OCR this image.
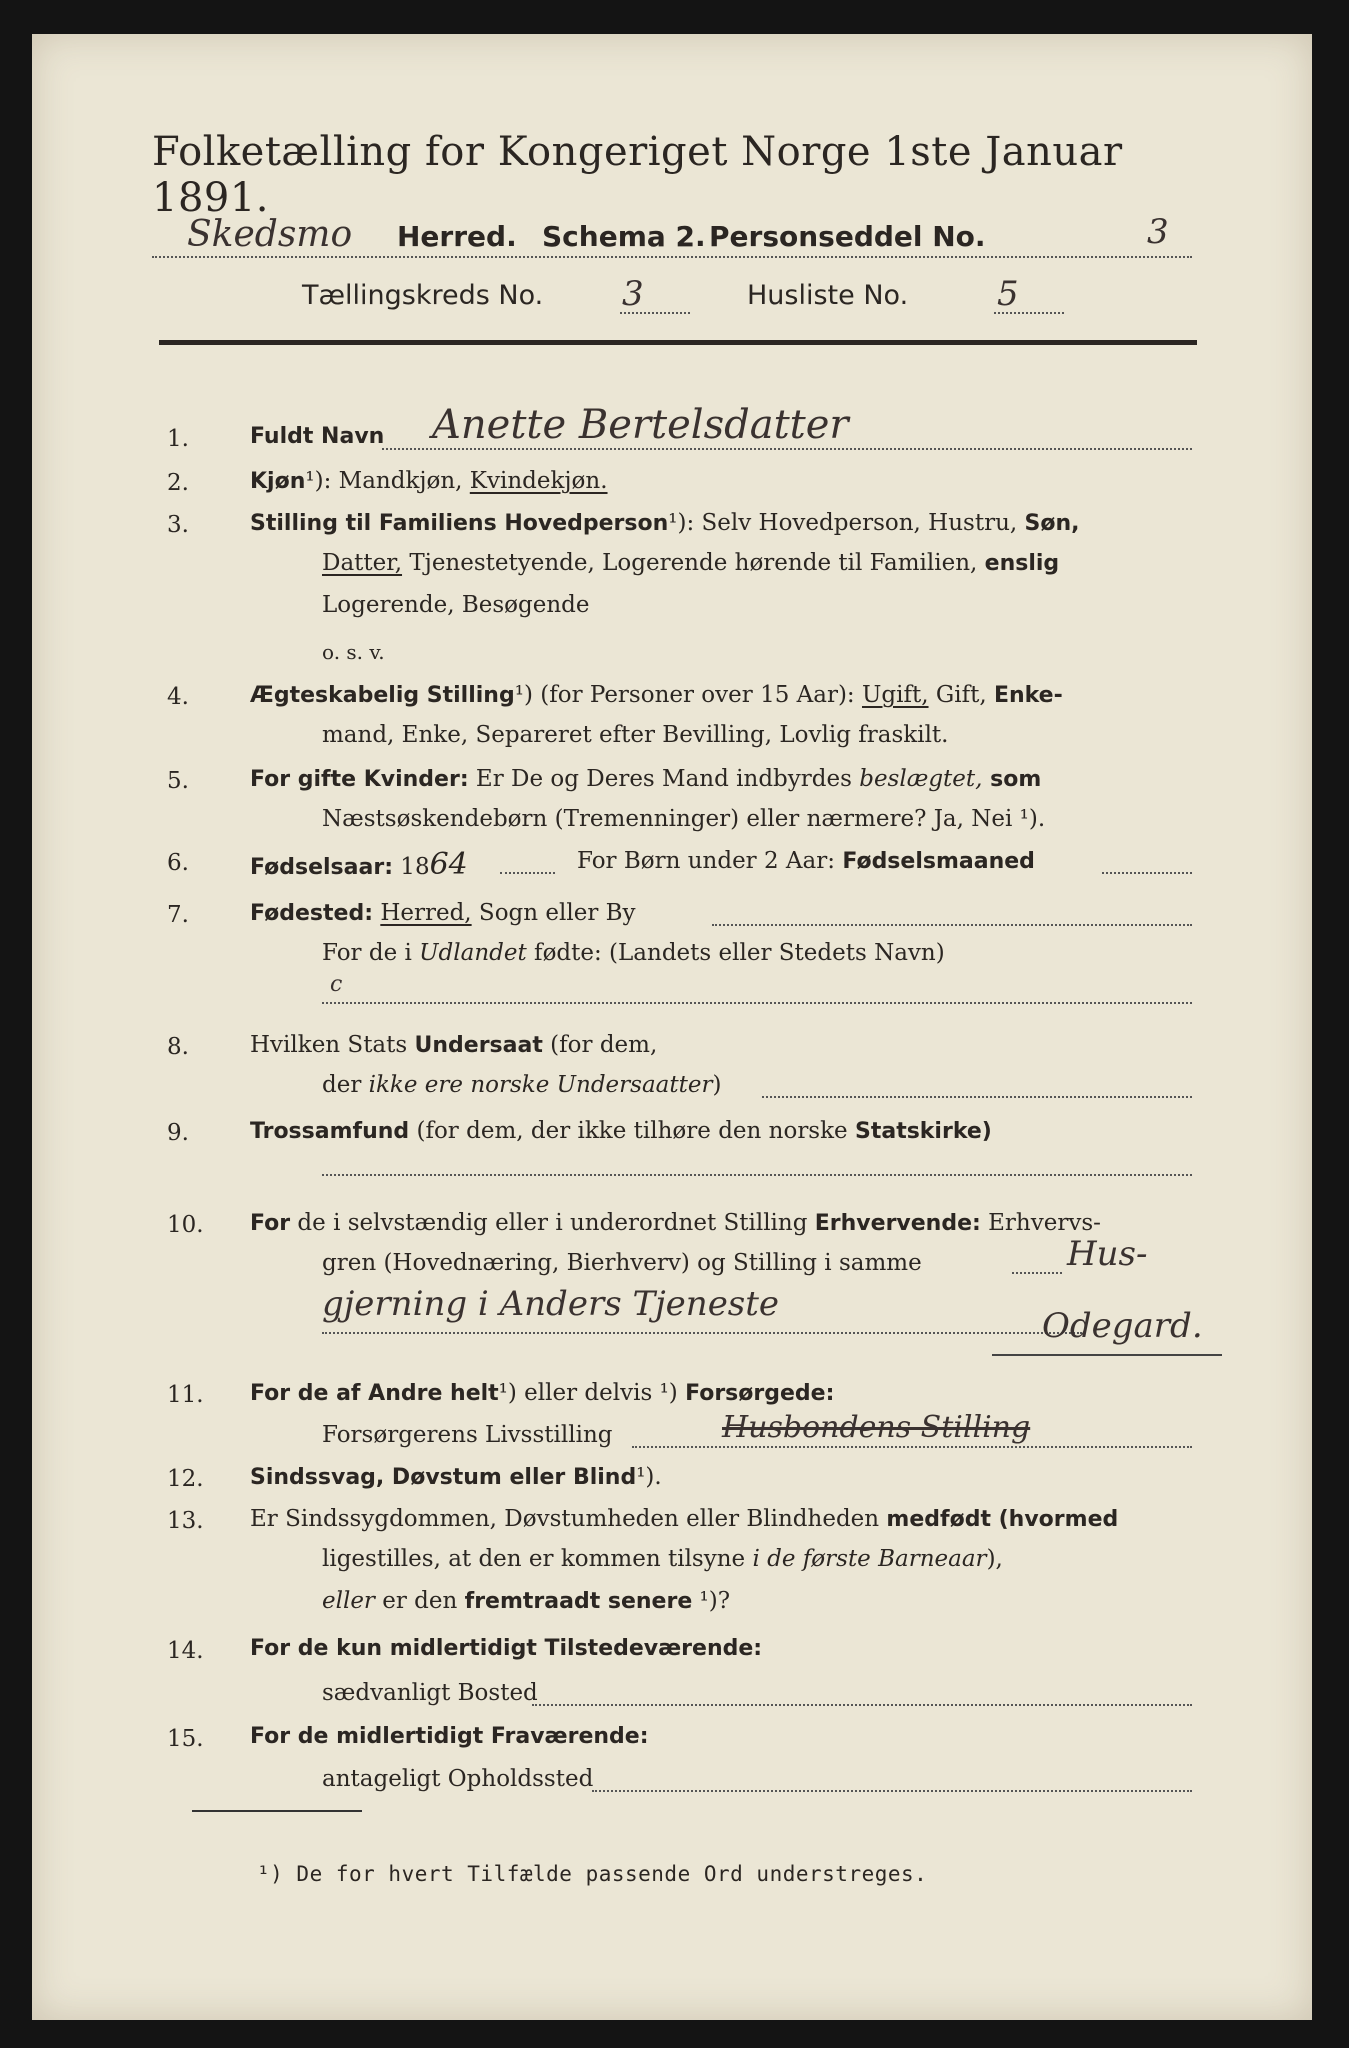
Folketælling for Kongeriget Norge 1ste Januar 1891.
Skedsmo Herred. Schema 2. Personseddel No.	3
Tællingskreds No. 3	Husliste No.	5
1.	Fuldt Navn Anette Bertelsdatter
2.	Kjøn¹): Mandkjøn, Kvindekjøn.
3.	Stilling til Familiens Hovedperson¹): Selv Hovedperson, Hustru, Søn,
Datter, Tjenestetyende, Logerende hørende til Familien, enslig
Logerende, Besøgende
o. s. v.
4.	Ægteskabelig Stilling¹) (for Personer over 15 Aar): Ugift, Gift, Enke-
mand, Enke, Separeret efter Bevilling, Lovlig fraskilt.
5.	For gifte Kvinder: Er De og Deres Mand indbyrdes beslægtet, som
Næstsøskendebørn (Tremenninger) eller nærmere? Ja, Nei ¹).
6.	Fødselsaar: 1864	For Børn under 2 Aar: Fødselsmaaned
7.	Fødested: Herred, Sogn eller By
For de i Udlandet fødte: (Landets eller Stedets Navn)
c
8.	Hvilken Stats Undersaat (for dem,
der ikke ere norske Undersaatter)
9.	Trossamfund (for dem, der ikke tilhøre den norske Statskirke)
10.	For de i selvstændig eller i underordnet Stilling Erhvervende: Erhvervs-
gren (Hovednæring, Bierhverv) og Stilling i samme	Hus-
gjerning i Anders Tjeneste
Odegard.
11.	For de af Andre helt¹) eller delvis ¹) Forsørgede:
Forsørgerens Livsstilling	Husbondens Stilling
12.	Sindssvag, Døvstum eller Blind¹).
13.	Er Sindssygdommen, Døvstumheden eller Blindheden medfødt (hvormed
ligestilles, at den er kommen tilsyne i de første Barneaar),
eller er den fremtraadt senere ¹)?
14.	For de kun midlertidigt Tilstedeværende:
sædvanligt Bosted
15.	For de midlertidigt Fraværende:
antageligt Opholdssted
¹) De for hvert Tilfælde passende Ord understreges.
